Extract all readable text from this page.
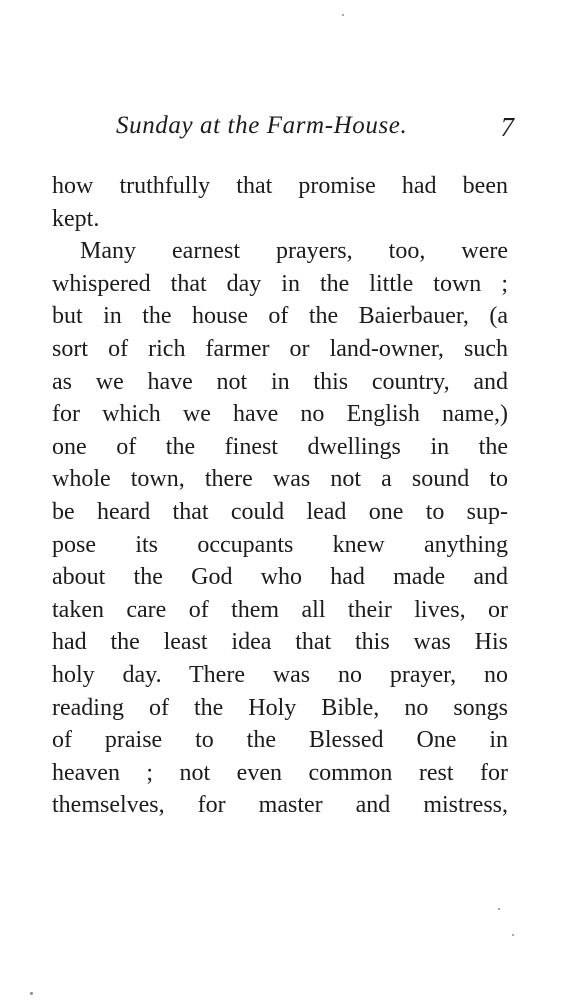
Sunday at the Farm-House.	7
how truthfully that promise had been
kept.
Many earnest prayers, too, were
whispered that day in the little town ;
but in the house of the Baierbauer, (a
sort of rich farmer or land-owner, such
as we have not in this country, and
for which we have no English name,)
one of the finest dwellings in the
whole town, there was not a sound to
be heard that could lead one to sup-
pose its occupants knew anything
about the God who had made and
taken care of them all their lives, or
had the least idea that this was His
holy day. There was no prayer, no
reading of the Holy Bible, no songs
of praise to the Blessed One in
heaven ; not even common rest for
themselves, for master and mistress,
